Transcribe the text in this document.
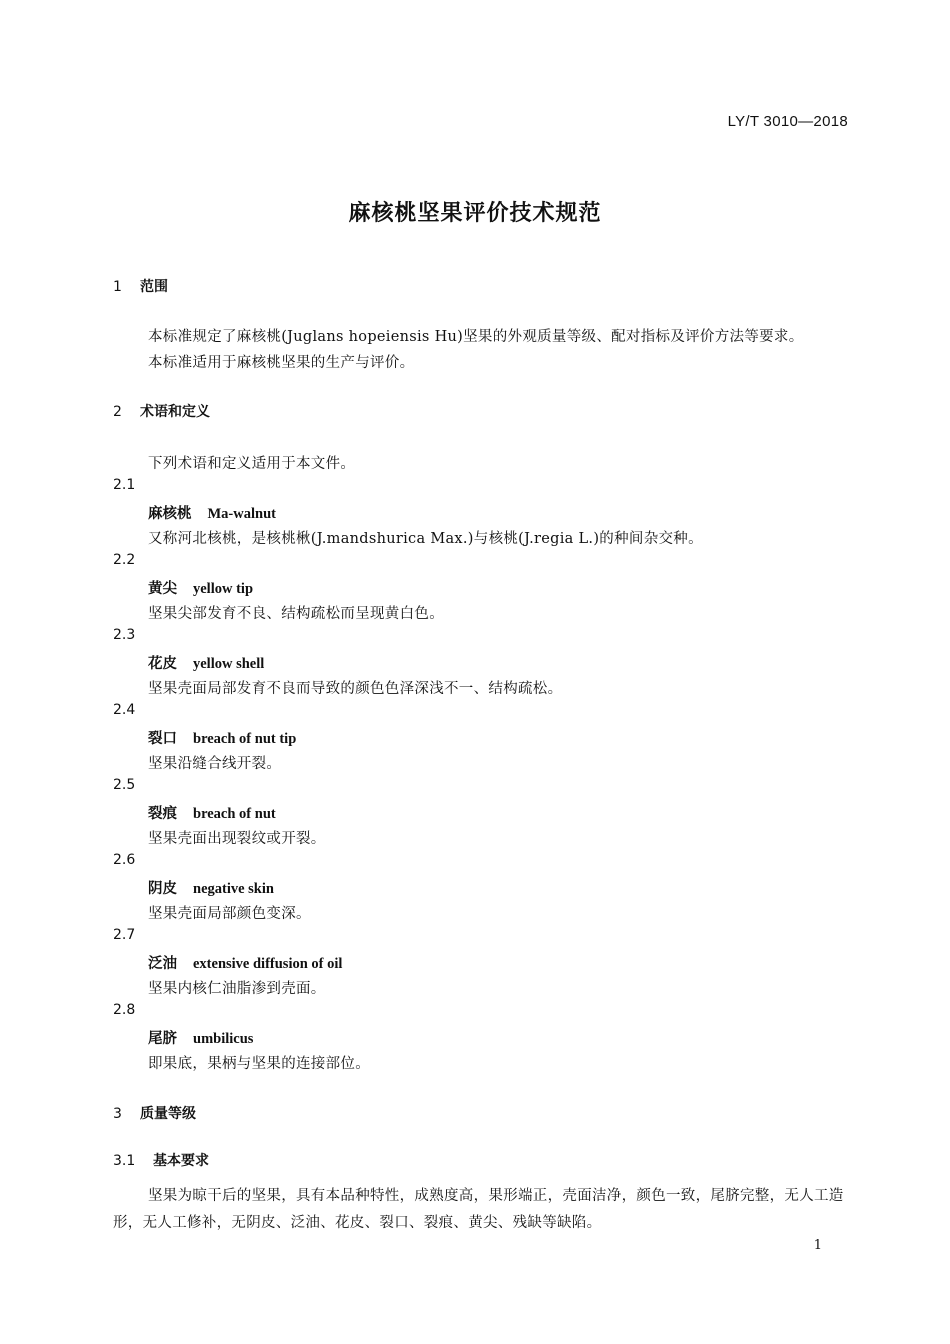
LY/T 3010—2018
麻核桃坚果评价技术规范
1 范围
本标准规定了麻核桃(Juglans hopeiensis Hu)坚果的外观质量等级、配对指标及评价方法等要求。
本标准适用于麻核桃坚果的生产与评价。
2 术语和定义
下列术语和定义适用于本文件。
2.1
麻核桃 Ma-walnut
又称河北核桃，是核桃楸(J.mandshurica Max.)与核桃(J.regia L.)的种间杂交种。
2.2
黄尖 yellow tip
坚果尖部发育不良、结构疏松而呈现黄白色。
2.3
花皮 yellow shell
坚果壳面局部发育不良而导致的颜色色泽深浅不一、结构疏松。
2.4
裂口 breach of nut tip
坚果沿缝合线开裂。
2.5
裂痕 breach of nut
坚果壳面出现裂纹或开裂。
2.6
阴皮 negative skin
坚果壳面局部颜色变深。
2.7
泛油 extensive diffusion of oil
坚果内核仁油脂渗到壳面。
2.8
尾脐 umbilicus
即果底，果柄与坚果的连接部位。
3 质量等级
3.1 基本要求
坚果为晾干后的坚果，具有本品种特性，成熟度高，果形端正，壳面洁净，颜色一致，尾脐完整，无人工造形，无人工修补，无阴皮、泛油、花皮、裂口、裂痕、黄尖、残缺等缺陷。
1
